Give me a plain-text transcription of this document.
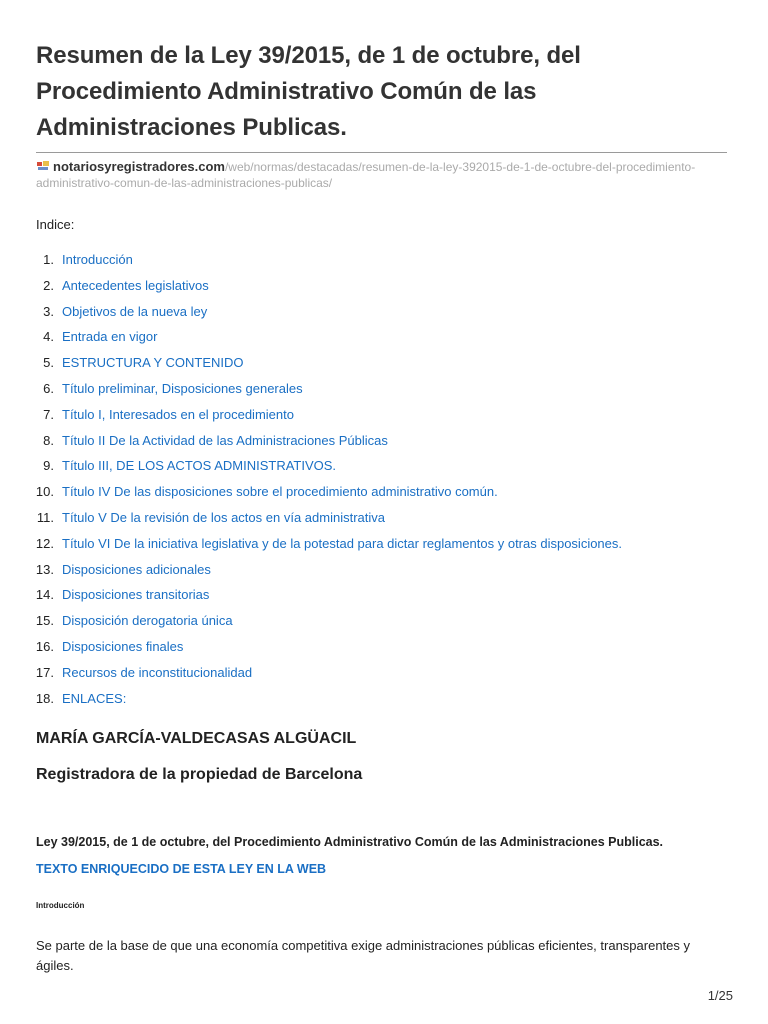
Resumen de la Ley 39/2015, de 1 de octubre, del Procedimiento Administrativo Común de las Administraciones Publicas.
notariosyregistradores.com/web/normas/destacadas/resumen-de-la-ley-392015-de-1-de-octubre-del-procedimiento-administrativo-comun-de-las-administraciones-publicas/
Indice:
1. Introducción
2. Antecedentes legislativos
3. Objetivos de la nueva ley
4. Entrada en vigor
5. ESTRUCTURA Y CONTENIDO
6. Título preliminar, Disposiciones generales
7. Título I, Interesados en el procedimiento
8. Título II De la Actividad de las Administraciones Públicas
9. Título III, DE LOS ACTOS ADMINISTRATIVOS.
10. Título IV De las disposiciones sobre el procedimiento administrativo común.
11. Título V De la revisión de los actos en vía administrativa
12. Título VI De la iniciativa legislativa y de la potestad para dictar reglamentos y otras disposiciones.
13. Disposiciones adicionales
14. Disposiciones transitorias
15. Disposición derogatoria única
16. Disposiciones finales
17. Recursos de inconstitucionalidad
18. ENLACES:
MARÍA GARCÍA-VALDECASAS ALGÜACIL
Registradora de la propiedad de Barcelona
Ley 39/2015, de 1 de octubre, del Procedimiento Administrativo Común de las Administraciones Publicas.
TEXTO ENRIQUECIDO DE ESTA LEY EN LA WEB
Introducción

Se parte de la base de que una economía competitiva exige administraciones públicas eficientes, transparentes y ágiles.

1/25
